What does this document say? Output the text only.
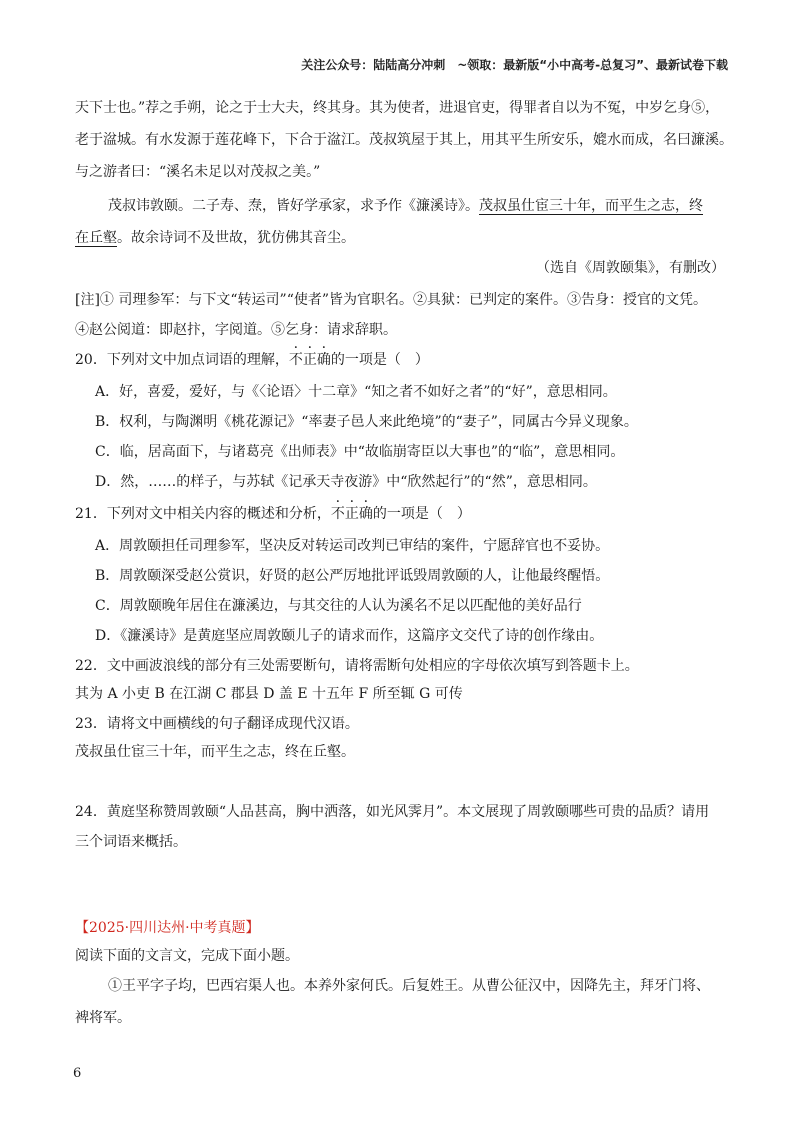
关注公众号：陆陆高分冲刺　~领取：最新版“小中高考-总复习”、最新试卷下载
天下士也。”荐之手朔，论之于士大夫，终其身。其为使者，进退官吏，得罪者自以为不冤，中岁乞身⑤，
老于湓城。有水发源于莲花峰下，下合于湓江。茂叔筑屋于其上，用其平生所安乐，媲水而成，名曰濂溪。
与之游者曰：“溪名未足以对茂叔之美。”
茂叔讳敦颐。二子寿、焘，皆好学承家，求予作《濂溪诗》。茂叔虽仕宦三十年，而平生之志，终
在丘壑。故余诗词不及世故，犹仿佛其音尘。
（选自《周敦颐集》，有删改）
[注]① 司理参军：与下文“转运司”“使者”皆为官职名。②具狱：已判定的案件。③告身：授官的文凭。
④赵公阅道：即赵抃，字阅道。⑤乞身：请求辞职。
20．下列对文中加点词语的理解，不正确的一项是（　）
A．好，喜爱，爱好，与《〈论语〉十二章》“知之者不如好之者”的“好”，意思相同。
B．权利，与陶渊明《桃花源记》“率妻子邑人来此绝境”的“妻子”，同属古今异义现象。
C．临，居高面下，与诸葛亮《出师表》中“故临崩寄臣以大事也”的“临”，意思相同。
D．然，……的样子，与苏轼《记承天寺夜游》中“欣然起行”的“然”，意思相同。
21．下列对文中相关内容的概述和分析，不正确的一项是（　）
A．周敦颐担任司理参军，坚决反对转运司改判已审结的案件，宁愿辞官也不妥协。
B．周敦颐深受赵公赏识，好贤的赵公严厉地批评诋毁周敦颐的人，让他最终醒悟。
C．周敦颐晚年居住在濂溪边，与其交往的人认为溪名不足以匹配他的美好品行
D．《濂溪诗》是黄庭坚应周敦颐儿子的请求而作，这篇序文交代了诗的创作缘由。
22．文中画波浪线的部分有三处需要断句，请将需断句处相应的字母依次填写到答题卡上。
其为 A 小吏 B 在江湖 C 郡县 D 盖 E 十五年 F 所至辄 G 可传
23．请将文中画横线的句子翻译成现代汉语。
茂叔虽仕宦三十年，而平生之志，终在丘壑。
24．黄庭坚称赞周敦颐“人品甚高，胸中洒落，如光风霁月”。本文展现了周敦颐哪些可贵的品质？请用
三个词语来概括。
【2025·四川达州·中考真题】
阅读下面的文言文，完成下面小题。
①王平字子均，巴西宕渠人也。本养外家何氏。后复姓王。从曹公征汉中，因降先主，拜牙门将、
裨将军。
6
